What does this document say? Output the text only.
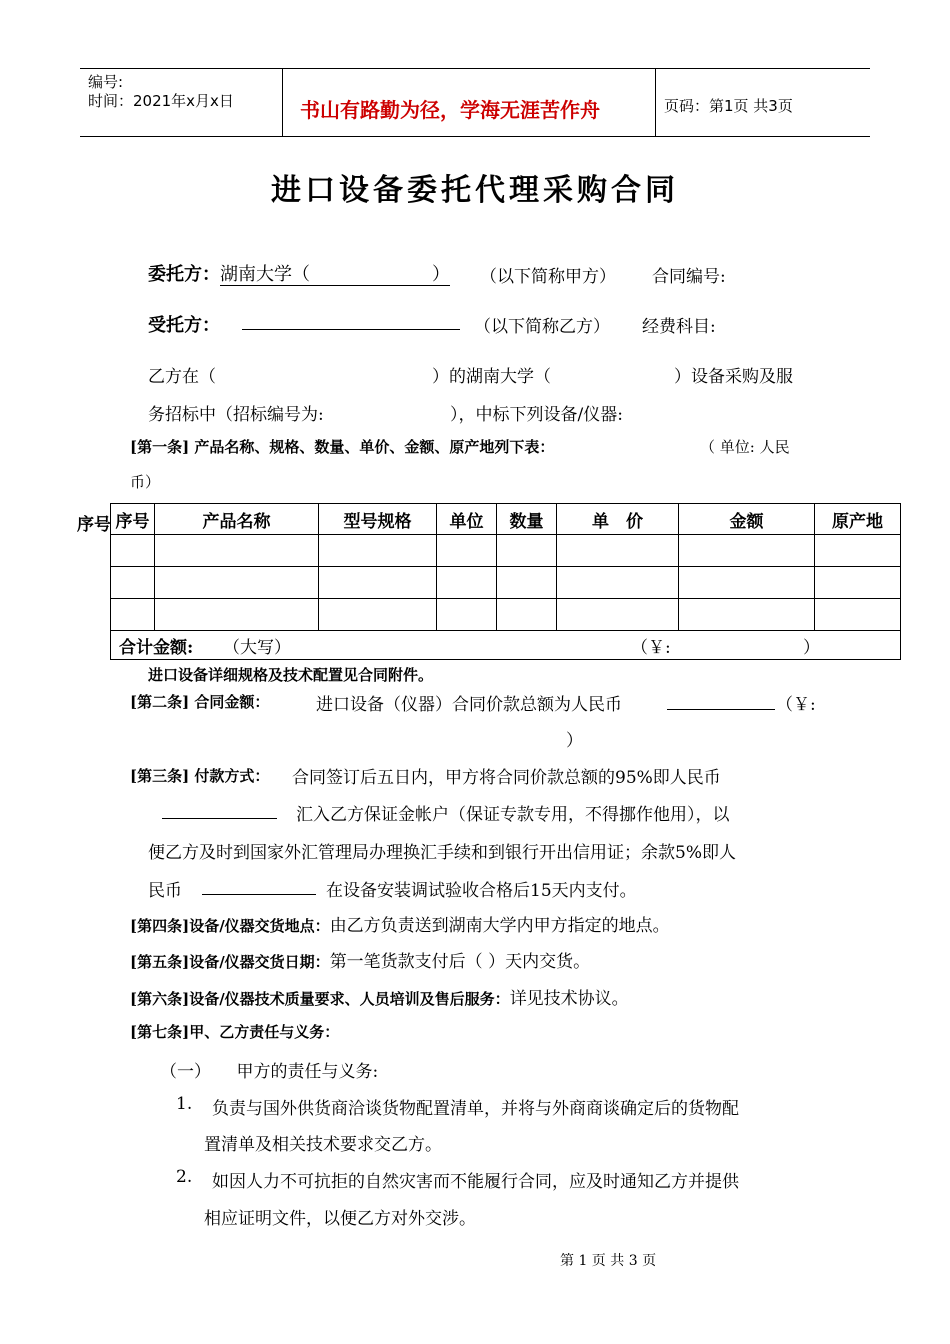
编号:
时间：2021年x月x日	书山有路勤为径，学海无涯苦作舟	页码：第1页 共3页
进口设备委托代理采购合同
委托方：湖南大学（	） （以下简称甲方） 合同编号:
受托方：	（以下简称乙方） 经费科目:
乙方在（	）的湖南大学（	）设备采购及服
务招标中（招标编号为:	），中标下列设备/仪器:
[第一条] 产品名称、规格、数量、单价、金额、原产地列下表：	（ 单位: 人民
币）
序号 序号	产品名称	型号规格	单位	数量	单　价	金额	原产地

合计金额: （大写） （￥: ）							
进口设备详细规格及技术配置见合同附件。
[第二条] 合同金额：	进口设备（仪器）合同价款总额为人民币	（￥:
）
[第三条] 付款方式： 合同签订后五日内，甲方将合同价款总额的95%即人民币
汇入乙方保证金帐户（保证专款专用，不得挪作他用），以
便乙方及时到国家外汇管理局办理换汇手续和到银行开出信用证；余款5%即人
民币	在设备安装调试验收合格后15天内支付。
[第四条]设备/仪器交货地点：由乙方负责送到湖南大学内甲方指定的地点。
[第五条]设备/仪器交货日期：第一笔货款支付后（ ）天内交货。
[第六条]设备/仪器技术质量要求、人员培训及售后服务：详见技术协议。
[第七条]甲、乙方责任与义务：
（一）　　甲方的责任与义务:
1. 负责与国外供货商洽谈货物配置清单，并将与外商商谈确定后的货物配
置清单及相关技术要求交乙方。
2. 如因人力不可抗拒的自然灾害而不能履行合同，应及时通知乙方并提供
相应证明文件，以便乙方对外交涉。
第 1 页 共 3 页
